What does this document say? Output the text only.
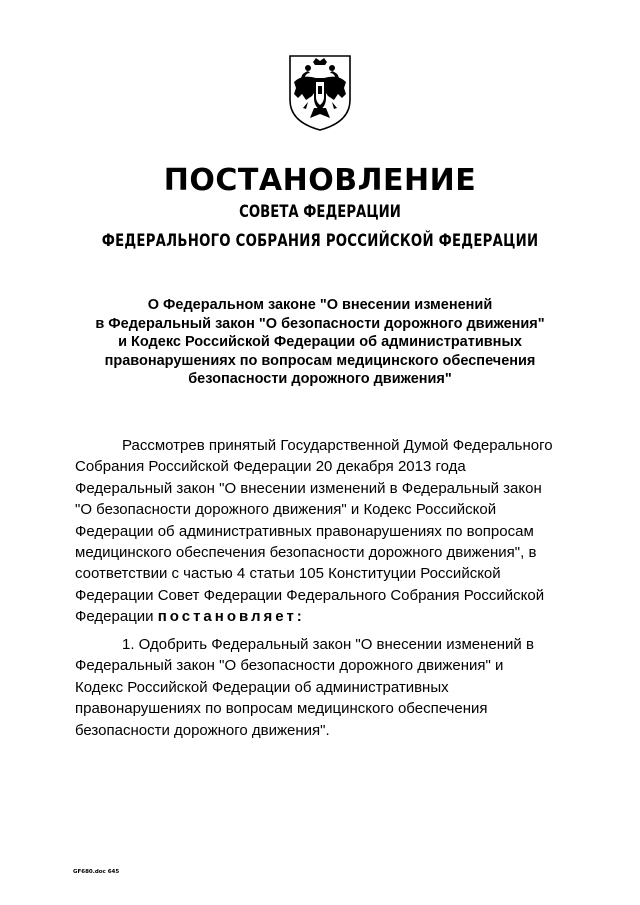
ПОСТАНОВЛЕНИЕ
СОВЕТА ФЕДЕРАЦИИ
ФЕДЕРАЛЬНОГО СОБРАНИЯ РОССИЙСКОЙ ФЕДЕРАЦИИ
О Федеральном законе "О внесении изменений
в Федеральный закон "О безопасности дорожного движения"
и Кодекс Российской Федерации об административных
правонарушениях по вопросам медицинского обеспечения
безопасности дорожного движения"
Рассмотрев принятый Государственной Думой Федерального
Собрания Российской Федерации 20 декабря 2013 года
Федеральный закон "О внесении изменений в Федеральный закон
"О безопасности дорожного движения" и Кодекс Российской
Федерации об административных правонарушениях по вопросам
медицинского обеспечения безопасности дорожного движения", в
соответствии с частью 4 статьи 105 Конституции Российской
Федерации Совет Федерации Федерального Собрания Российской
Федерации постановляет:
1. Одобрить Федеральный закон "О внесении изменений в
Федеральный закон "О безопасности дорожного движения" и
Кодекс Российской Федерации об административных
правонарушениях по вопросам медицинского обеспечения
безопасности дорожного движения".
GF680.doc 645
